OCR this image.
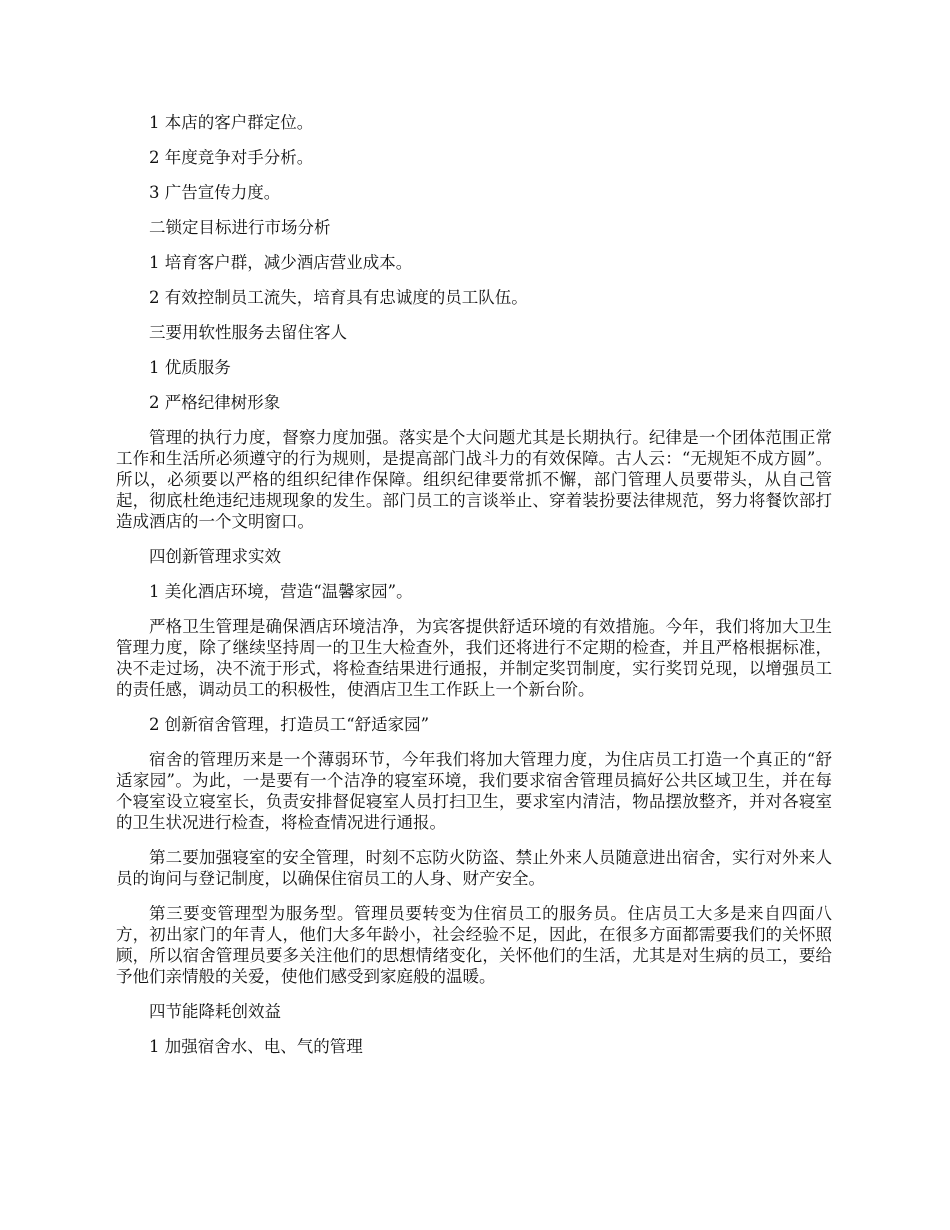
1 本店的客户群定位。

2 年度竞争对手分析。

3 广告宣传力度。

二锁定目标进行市场分析

1 培育客户群，减少酒店营业成本。

2 有效控制员工流失，培育具有忠诚度的员工队伍。

三要用软性服务去留住客人

1 优质服务

2 严格纪律树形象

管理的执行力度，督察力度加强。落实是个大问题尤其是长期执行。纪律是一个团体范围正常工作和生活所必须遵守的行为规则，是提高部门战斗力的有效保障。古人云：“无规矩不成方圆”。所以，必须要以严格的组织纪律作保障。组织纪律要常抓不懈，部门管理人员要带头，从自己管起，彻底杜绝违纪违规现象的发生。部门员工的言谈举止、穿着装扮要法律规范，努力将餐饮部打造成酒店的一个文明窗口。

四创新管理求实效

1 美化酒店环境，营造“温馨家园”。

严格卫生管理是确保酒店环境洁净，为宾客提供舒适环境的有效措施。今年，我们将加大卫生管理力度，除了继续坚持周一的卫生大检查外，我们还将进行不定期的检查，并且严格根据标准，决不走过场，决不流于形式，将检查结果进行通报，并制定奖罚制度，实行奖罚兑现，以增强员工的责任感，调动员工的积极性，使酒店卫生工作跃上一个新台阶。

2 创新宿舍管理，打造员工“舒适家园”

宿舍的管理历来是一个薄弱环节，今年我们将加大管理力度，为住店员工打造一个真正的“舒适家园”。为此，一是要有一个洁净的寝室环境，我们要求宿舍管理员搞好公共区域卫生，并在每个寝室设立寝室长，负责安排督促寝室人员打扫卫生，要求室内清洁，物品摆放整齐，并对各寝室的卫生状况进行检查，将检查情况进行通报。

第二要加强寝室的安全管理，时刻不忘防火防盗、禁止外来人员随意进出宿舍，实行对外来人员的询问与登记制度，以确保住宿员工的人身、财产安全。

第三要变管理型为服务型。管理员要转变为住宿员工的服务员。住店员工大多是来自四面八方，初出家门的年青人，他们大多年龄小，社会经验不足，因此，在很多方面都需要我们的关怀照顾，所以宿舍管理员要多关注他们的思想情绪变化，关怀他们的生活，尤其是对生病的员工，要给予他们亲情般的关爱，使他们感受到家庭般的温暖。

四节能降耗创效益

1 加强宿舍水、电、气的管理
